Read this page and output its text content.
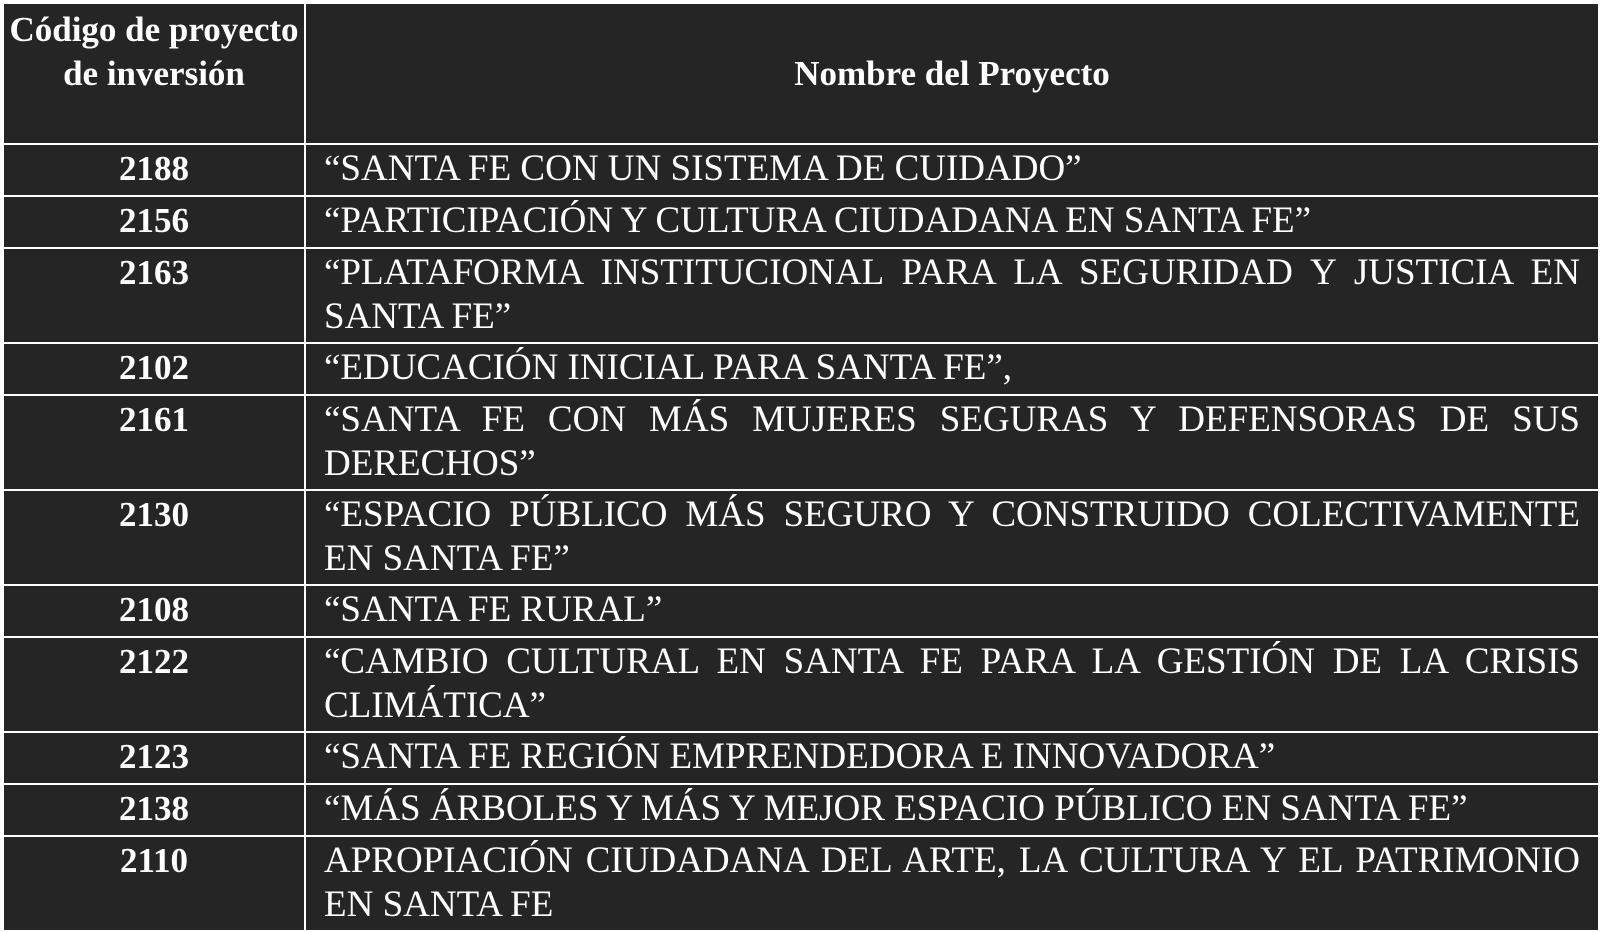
Código de proyecto de inversión	Nombre del Proyecto
2188	“SANTA FE CON UN SISTEMA DE CUIDADO”
2156	“PARTICIPACIÓN Y CULTURA CIUDADANA EN SANTA FE”
2163	“PLATAFORMA INSTITUCIONAL PARA LA SEGURIDAD Y JUSTICIA EN SANTA FE”
2102	“EDUCACIÓN INICIAL PARA SANTA FE”,
2161	“SANTA FE CON MÁS MUJERES SEGURAS Y DEFENSORAS DE SUS DERECHOS”
2130	“ESPACIO PÚBLICO MÁS SEGURO Y CONSTRUIDO COLECTIVAMENTE EN SANTA FE”
2108	“SANTA FE RURAL”
2122	“CAMBIO CULTURAL EN SANTA FE PARA LA GESTIÓN DE LA CRISIS CLIMÁTICA”
2123	“SANTA FE REGIÓN EMPRENDEDORA E INNOVADORA”
2138	“MÁS ÁRBOLES Y MÁS Y MEJOR ESPACIO PÚBLICO EN SANTA FE”
2110	APROPIACIÓN CIUDADANA DEL ARTE, LA CULTURA Y EL PATRIMONIO EN SANTA FE
